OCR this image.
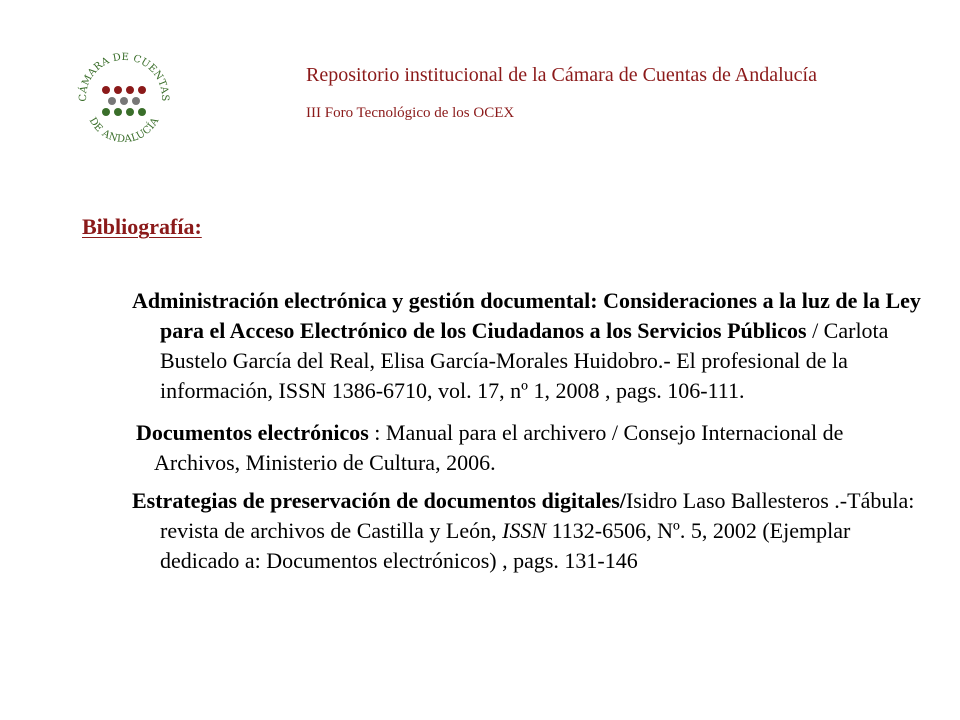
CÁMARA DE CUENTAS
DE ANDALUCÍA
Repositorio institucional de la Cámara de Cuentas de Andalucía
III Foro Tecnológico de los OCEX
Bibliografía:

Administración electrónica y gestión documental: Consideraciones a la luz de la Ley para el Acceso Electrónico de los Ciudadanos a los Servicios Públicos / Carlota Bustelo García del Real, Elisa García-Morales Huidobro.- El profesional de la información, ISSN 1386-6710, vol. 17, nº 1, 2008 , pags. 106-111.

Documentos electrónicos : Manual para el archivero / Consejo Internacional de Archivos, Ministerio de Cultura, 2006.

Estrategias de preservación de documentos digitales/Isidro Laso Ballesteros .-Tábula: revista de archivos de Castilla y León, ISSN 1132-6506, Nº. 5, 2002 (Ejemplar dedicado a: Documentos electrónicos) , pags. 131-146
